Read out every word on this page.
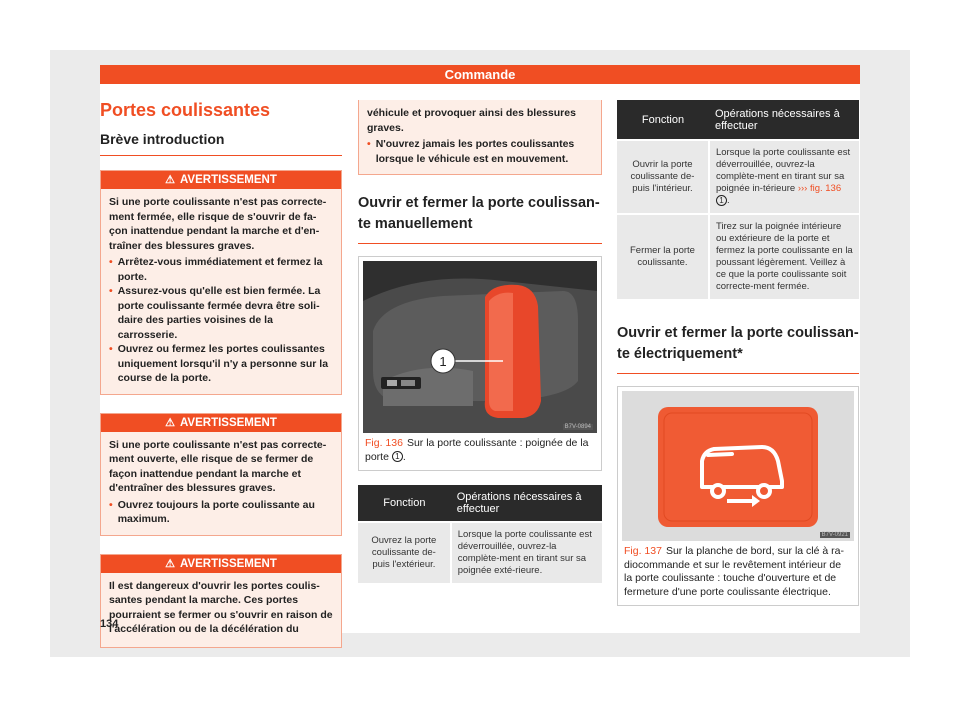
Commande
Portes coulissantes
Brève introduction
⚠ AVERTISSEMENT

Si une porte coulissante n'est pas correcte-ment fermée, elle risque de s'ouvrir de fa-çon inattendue pendant la marche et d'en-traîner des blessures graves.

• Arrêtez-vous immédiatement et fermez la porte.
• Assurez-vous qu'elle est bien fermée. La porte coulissante fermée devra être soli-daire des parties voisines de la carrosserie.
• Ouvrez ou fermez les portes coulissantes uniquement lorsqu'il n'y a personne sur la course de la porte.
⚠ AVERTISSEMENT

Si une porte coulissante n'est pas correcte-ment ouverte, elle risque de se fermer de façon inattendue pendant la marche et d'entraîner des blessures graves.

• Ouvrez toujours la porte coulissante au maximum.
⚠ AVERTISSEMENT

Il est dangereux d'ouvrir les portes coulis-santes pendant la marche. Ces portes pourraient se fermer ou s'ouvrir en raison de l'accélération ou de la décélération du

véhicule et provoquer ainsi des blessures graves.

• N'ouvrez jamais les portes coulissantes lorsque le véhicule est en mouvement.
Ouvrir et fermer la porte coulissan-te manuellement
1
B7V-0894
Fig. 136 Sur la porte coulissante : poignée de la porte 1 .
Fonction	Opérations nécessaires à effectuer
Ouvrez la porte coulissante de-puis l'extérieur.	Lorsque la porte coulissante est déverrouillée, ouvrez-la complète-ment en tirant sur sa poignée exté-rieure.
Fonction	Opérations nécessaires à effectuer
Ouvrir la porte coulissante de-puis l'intérieur.	Lorsque la porte coulissante est déverrouillée, ouvrez-la complète-ment en tirant sur sa poignée in-térieure ››› fig. 136 1 .
Fermer la porte coulissante.	Tirez sur la poignée intérieure ou extérieure de la porte et fermez la porte coulissante en la poussant légèrement. Veillez à ce que la porte coulissante soit correcte-ment fermée.
Ouvrir et fermer la porte coulissan-te électriquement*
B7V-0921
Fig. 137 Sur la planche de bord, sur la clé à ra-diocommande et sur le revêtement intérieur de la porte coulissante : touche d'ouverture et de fermeture d'une porte coulissante électrique.
134
